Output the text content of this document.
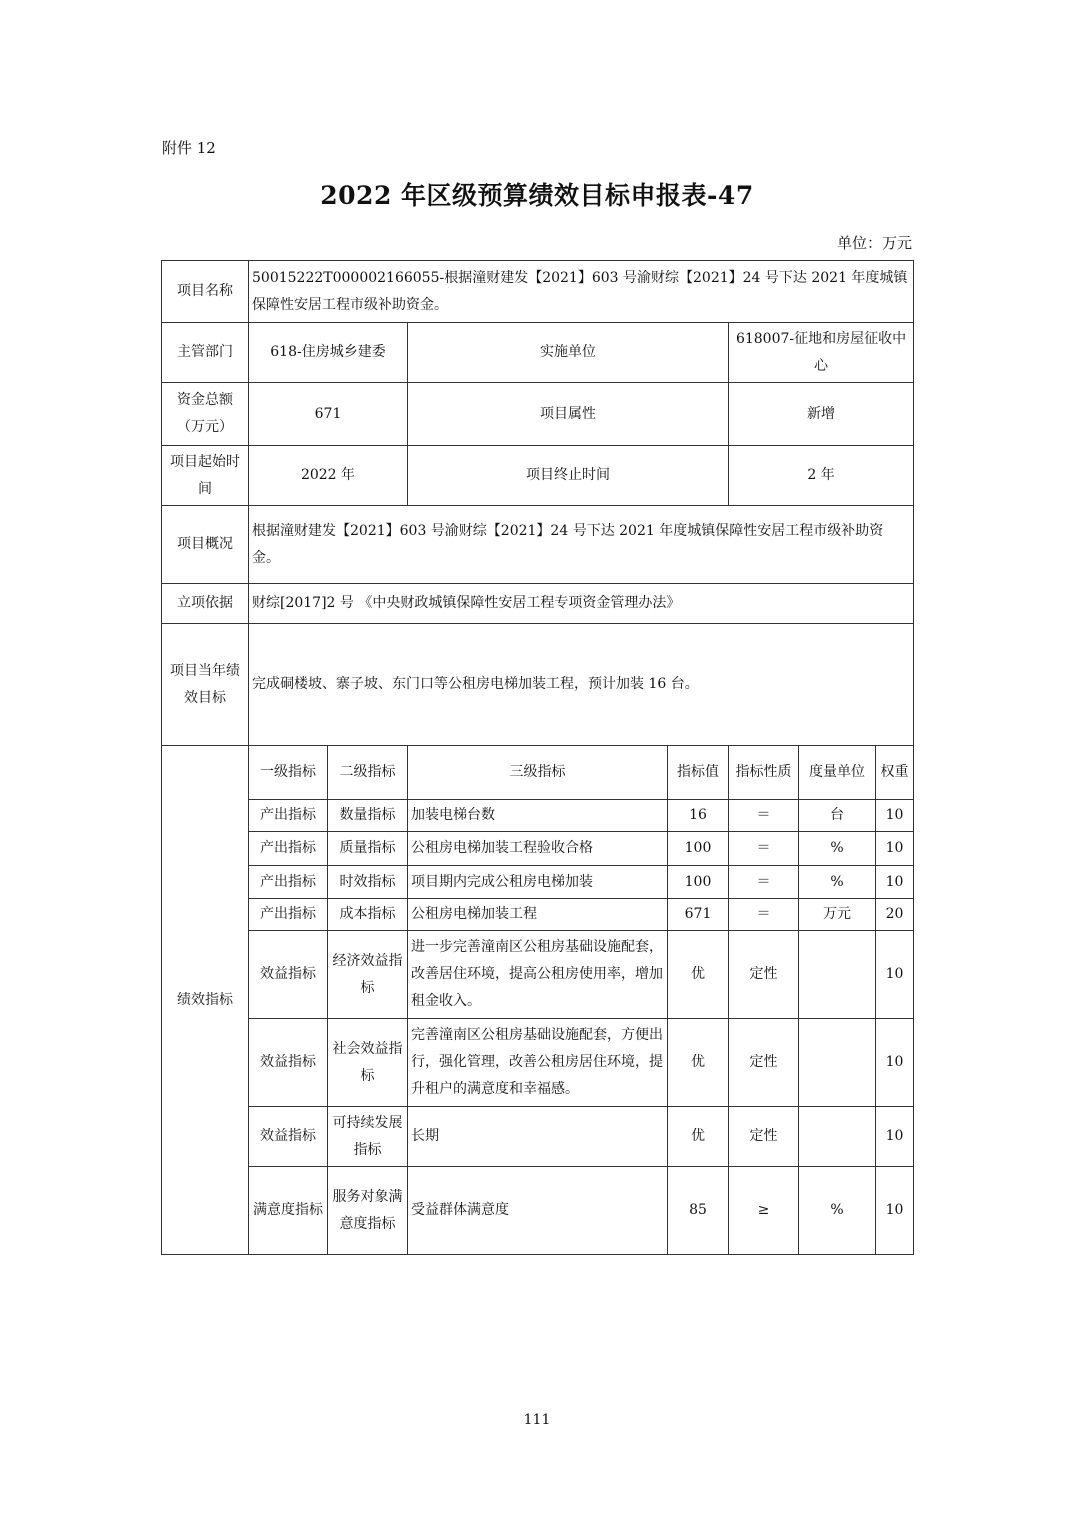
附件 12
2022 年区级预算绩效目标申报表-47
单位：万元
项目名称	50015222T000002166055-根据潼财建发【2021】603 号渝财综【2021】24 号下达 2021 年度城镇保障性安居工程市级补助资金。						
主管部门	618-住房城乡建委		实施单位		618007-征地和房屋征收中心		
资金总额（万元）	671		项目属性		新增		
项目起始时间	2022 年		项目终止时间		2 年		
项目概况	根据潼财建发【2021】603 号渝财综【2021】24 号下达 2021 年度城镇保障性安居工程市级补助资金。						
立项依据	财综[2017]2 号 《中央财政城镇保障性安居工程专项资金管理办法》						
项目当年绩效目标	完成硐楼坡、寨子坡、东门口等公租房电梯加装工程，预计加装 16 台。						
绩效指标	一级指标	二级指标	三级指标	指标值	指标性质	度量单位	权重
	产出指标	数量指标	加装电梯台数	16	＝	台	10
	产出指标	质量指标	公租房电梯加装工程验收合格	100	＝	%	10
	产出指标	时效指标	项目期内完成公租房电梯加装	100	＝	%	10
	产出指标	成本指标	公租房电梯加装工程	671	＝	万元	20
	效益指标	经济效益指标	进一步完善潼南区公租房基础设施配套，改善居住环境，提高公租房使用率，增加租金收入。	优	定性		10
	效益指标	社会效益指标	完善潼南区公租房基础设施配套，方便出行，强化管理，改善公租房居住环境，提升租户的满意度和幸福感。	优	定性		10
	效益指标	可持续发展指标	长期	优	定性		10
	满意度指标	服务对象满意度指标	受益群体满意度	85	≥	%	10
111
